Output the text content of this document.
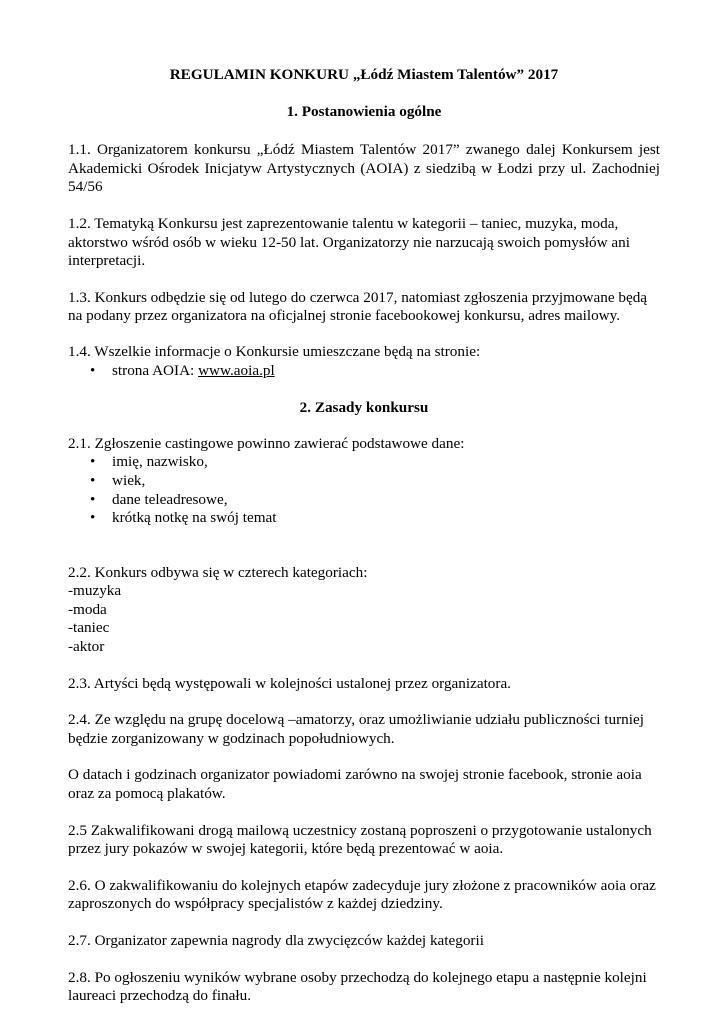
REGULAMIN KONKURU „Łódź Miastem Talentów” 2017

1. Postanowienia ogólne

1.1. Organizatorem konkursu „Łódź Miastem Talentów 2017” zwanego dalej Konkursem jest Akademicki Ośrodek Inicjatyw Artystycznych (AOIA) z siedzibą w Łodzi przy ul. Zachodniej 54/56

1.2. Tematyką Konkursu jest zaprezentowanie talentu w kategorii – taniec, muzyka, moda, aktorstwo wśród osób w wieku 12-50 lat. Organizatorzy nie narzucają swoich pomysłów ani interpretacji.

1.3. Konkurs odbędzie się od lutego do czerwca 2017, natomiast zgłoszenia przyjmowane będą na podany przez organizatora na oficjalnej stronie facebookowej konkursu, adres mailowy.

1.4. Wszelkie informacje o Konkursie umieszczane będą na stronie:

• strona AOIA: www.aoia.pl

2. Zasady konkursu

2.1. Zgłoszenie castingowe powinno zawierać podstawowe dane:

• imię, nazwisko,
• wiek,
• dane teleadresowe,
• krótką notkę na swój temat

2.2. Konkurs odbywa się w czterech kategoriach:

-muzyka
-moda
-taniec
-aktor

2.3. Artyści będą występowali w kolejności ustalonej przez organizatora.

2.4. Ze względu na grupę docelową –amatorzy, oraz umożliwianie udziału publiczności turniej będzie zorganizowany w godzinach popołudniowych.

O datach i godzinach organizator powiadomi zarówno na swojej stronie facebook, stronie aoia oraz za pomocą plakatów.

2.5 Zakwalifikowani drogą mailową uczestnicy zostaną poproszeni o przygotowanie ustalonych przez jury pokazów w swojej kategorii, które będą prezentować w aoia.

2.6. O zakwalifikowaniu do kolejnych etapów zadecyduje jury złożone z pracowników aoia oraz zaproszonych do współpracy specjalistów z każdej dziedziny.

2.7. Organizator zapewnia nagrody dla zwycięzców każdej kategorii

2.8. Po ogłoszeniu wyników wybrane osoby przechodzą do kolejnego etapu a następnie kolejni laureaci przechodzą do finału.
